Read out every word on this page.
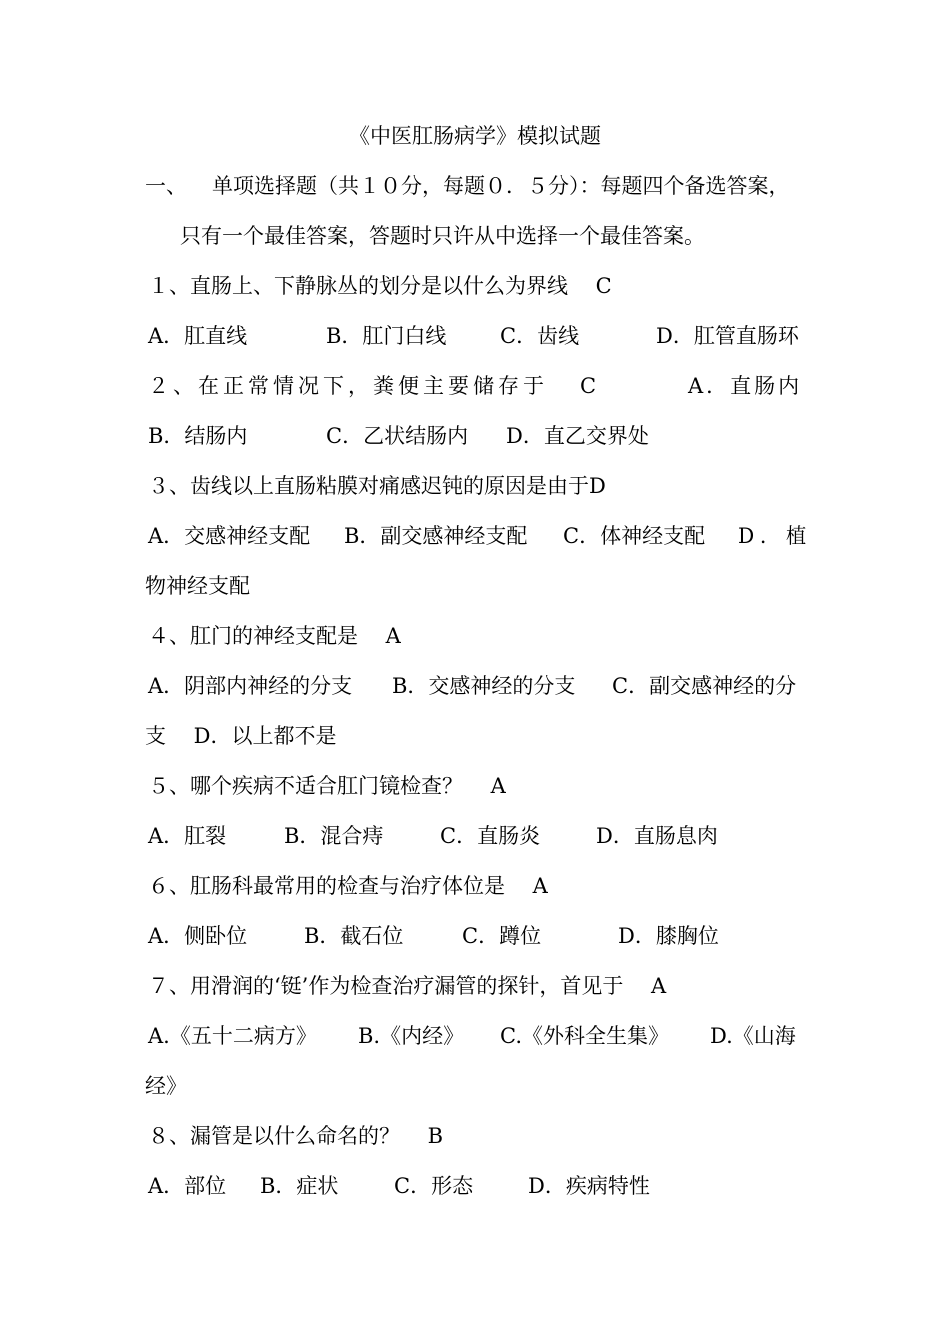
《中医肛肠病学》模拟试题
一、 单项选择题（共１０分，每题０．５分）：每题四个备选答案，
只有一个最佳答案，答题时只许从中选择一个最佳答案。
１、直肠上、下静脉丛的划分是以什么为界线　 C
A．肛直线	B．肛门白线	C．齿线	D．肛管直肠环
２、在正常情况下，粪便主要储存于 C	A．直肠内
B．结肠内	C．乙状结肠内 D．直乙交界处
３、齿线以上直肠粘膜对痛感迟钝的原因是由于D
A．交感神经支配 B．副交感神经支配 C．体神经支配 D．植
物神经支配
４、肛门的神经支配是　 A
A．阴部内神经的分支 B．交感神经的分支 C．副交感神经的分
支　 D．以上都不是
５、哪个疾病不适合肛门镜检查？　 A
A．肛裂	B．混合痔	C．直肠炎	D．直肠息肉
６、肛肠科最常用的检查与治疗体位是　 A
A．侧卧位	B．截石位	C．蹲位	D．膝胸位
７、用滑润的‘铤’作为检查治疗漏管的探针，首见于　 A
A.《五十二病方》 B.《内经》 C.《外科全生集》 D.《山海
经》
８、漏管是以什么命名的？　 B
A．部位 B．症状	C．形态	D．疾病特性
